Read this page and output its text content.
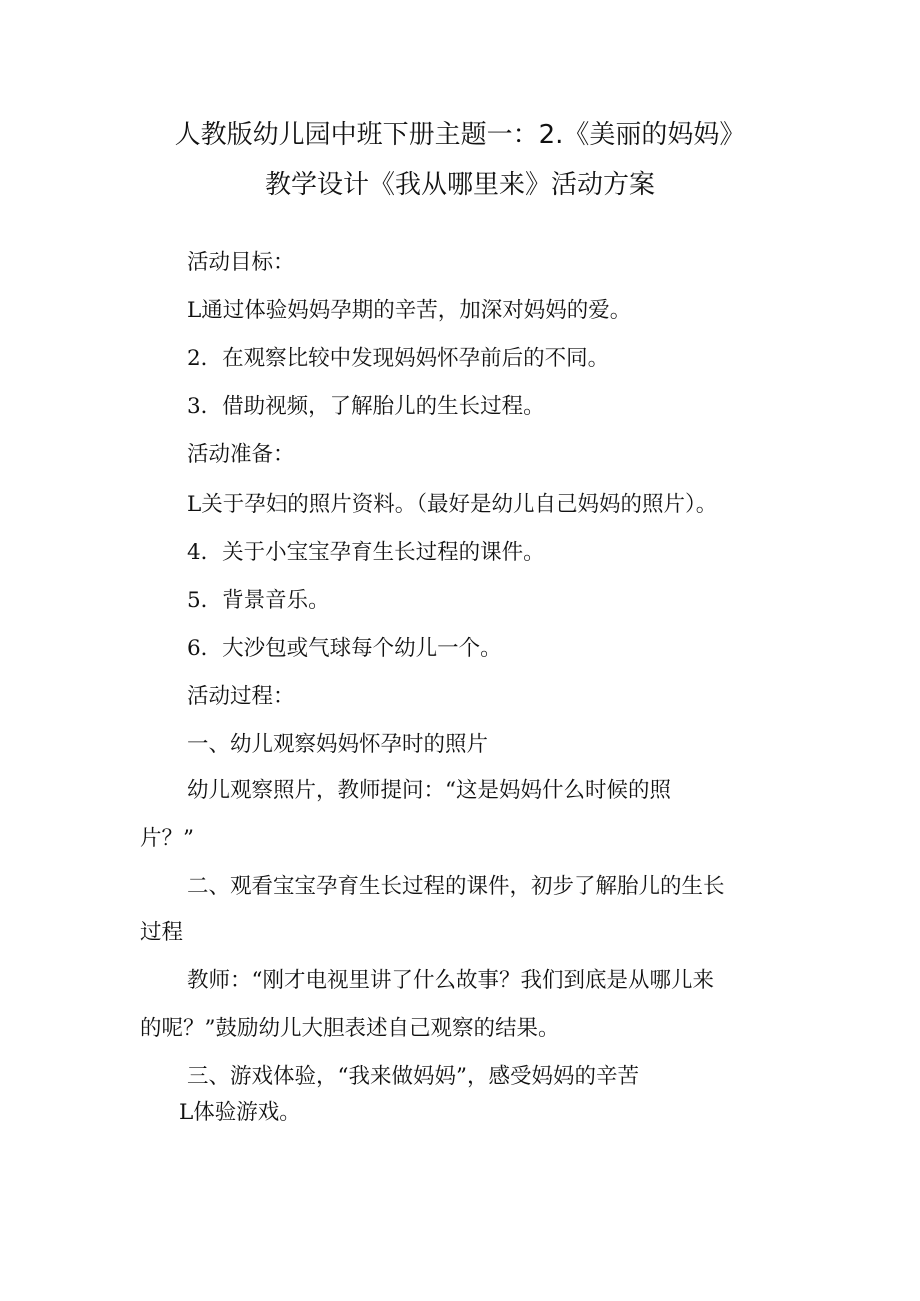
人教版幼儿园中班下册主题一：2.《美丽的妈妈》
教学设计《我从哪里来》活动方案
活动目标：
L通过体验妈妈孕期的辛苦，加深对妈妈的爱。
2．在观察比较中发现妈妈怀孕前后的不同。
3．借助视频，了解胎儿的生长过程。
活动准备：
L关于孕妇的照片资料。（最好是幼儿自己妈妈的照片）。
4．关于小宝宝孕育生长过程的课件。
5．背景音乐。
6．大沙包或气球每个幼儿一个。
活动过程：
一、幼儿观察妈妈怀孕时的照片
幼儿观察照片，教师提问：“这是妈妈什么时候的照
片？”
二、观看宝宝孕育生长过程的课件，初步了解胎儿的生长
过程
教师：“刚才电视里讲了什么故事？我们到底是从哪儿来
的呢？”鼓励幼儿大胆表述自己观察的结果。
三、游戏体验，“我来做妈妈”，感受妈妈的辛苦
L体验游戏。
